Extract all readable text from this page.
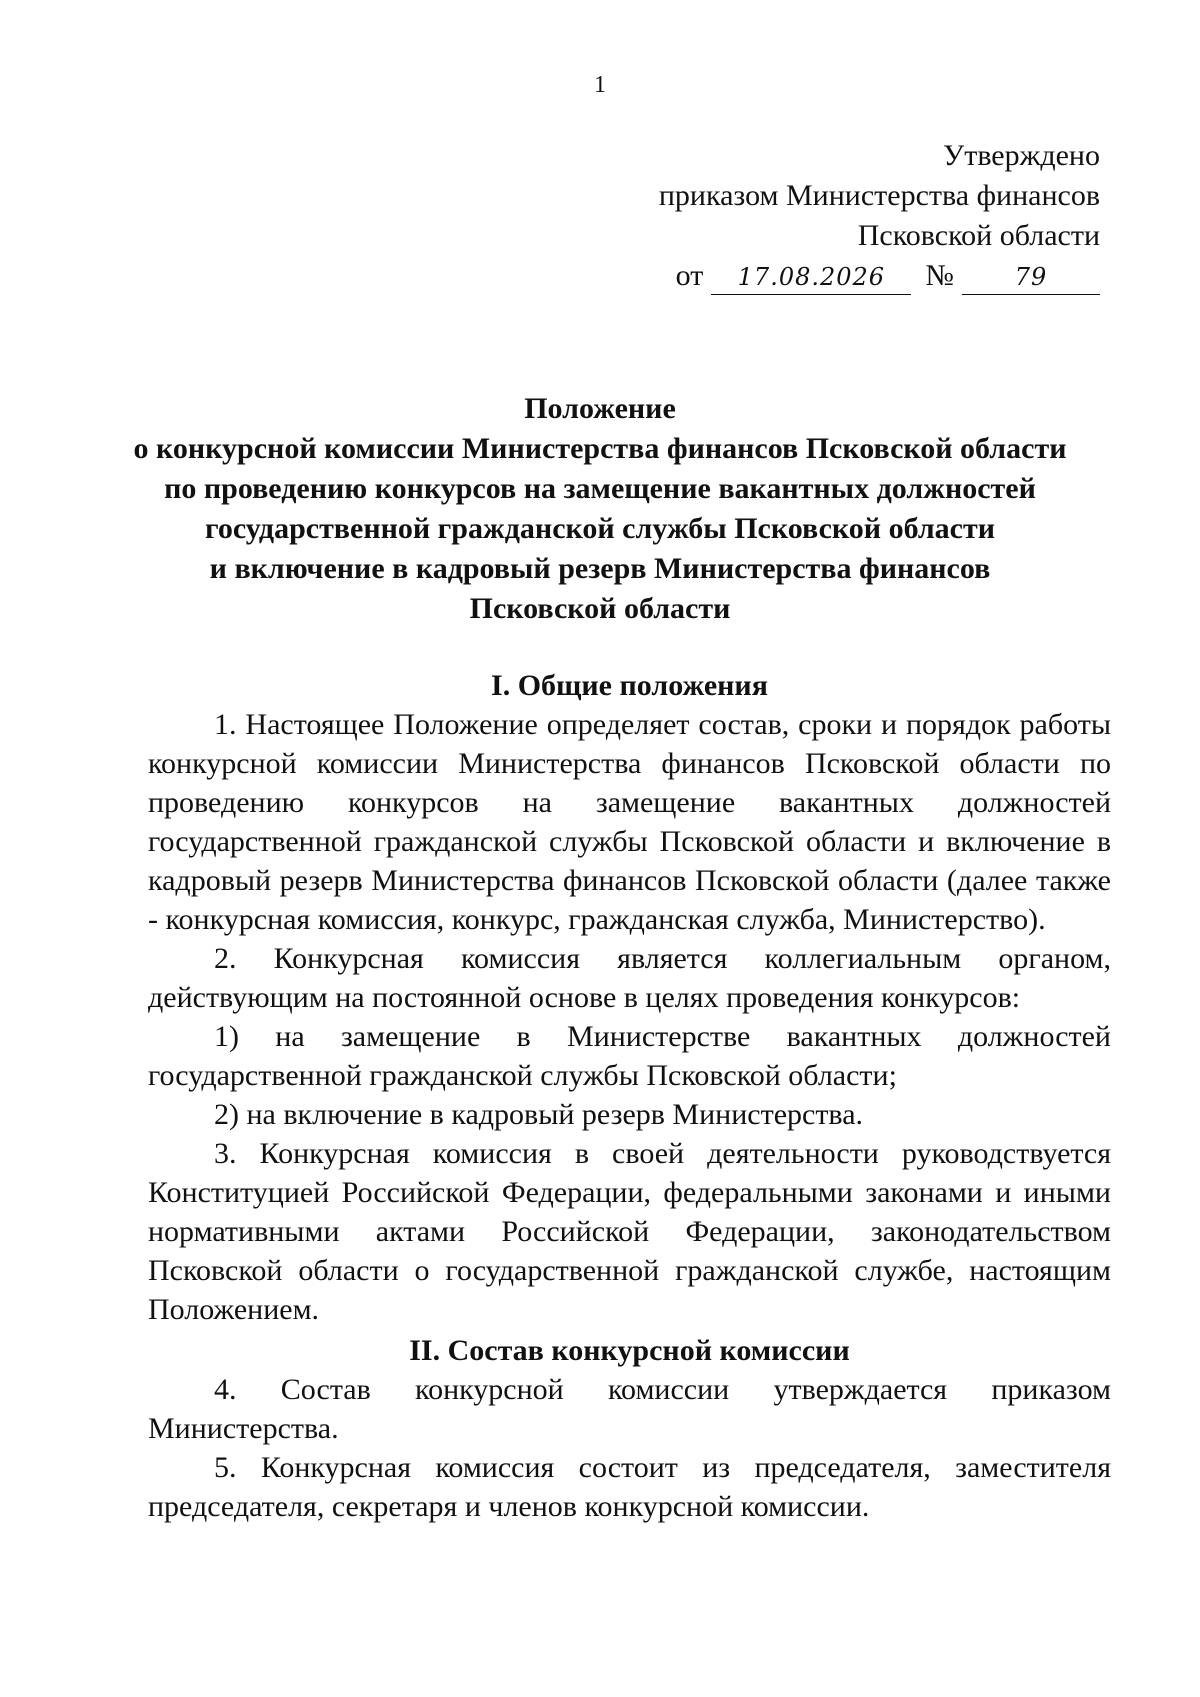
1
Утверждено
приказом Министерства финансов
Псковской области
от 17.08.2026 №	79
Положение
о конкурсной комиссии Министерства финансов Псковской области
по проведению конкурсов на замещение вакантных должностей
государственной гражданской службы Псковской области
и включение в кадровый резерв Министерства финансов
Псковской области
I. Общие положения

1. Настоящее Положение определяет состав, сроки и порядок работы конкурсной комиссии Министерства финансов Псковской области по проведению конкурсов на замещение вакантных должностей государственной гражданской службы Псковской области и включение в кадровый резерв Министерства финансов Псковской области (далее также - конкурсная комиссия, конкурс, гражданская служба, Министерство).

2. Конкурсная комиссия является коллегиальным органом, действующим на постоянной основе в целях проведения конкурсов:

1) на замещение в Министерстве вакантных должностей государственной гражданской службы Псковской области;

2) на включение в кадровый резерв Министерства.

3. Конкурсная комиссия в своей деятельности руководствуется Конституцией Российской Федерации, федеральными законами и иными нормативными актами Российской Федерации, законодательством Псковской области о государственной гражданской службе, настоящим Положением.

II. Состав конкурсной комиссии

4. Состав конкурсной комиссии утверждается приказом Министерства.

5. Конкурсная комиссия состоит из председателя, заместителя председателя, секретаря и членов конкурсной комиссии.
